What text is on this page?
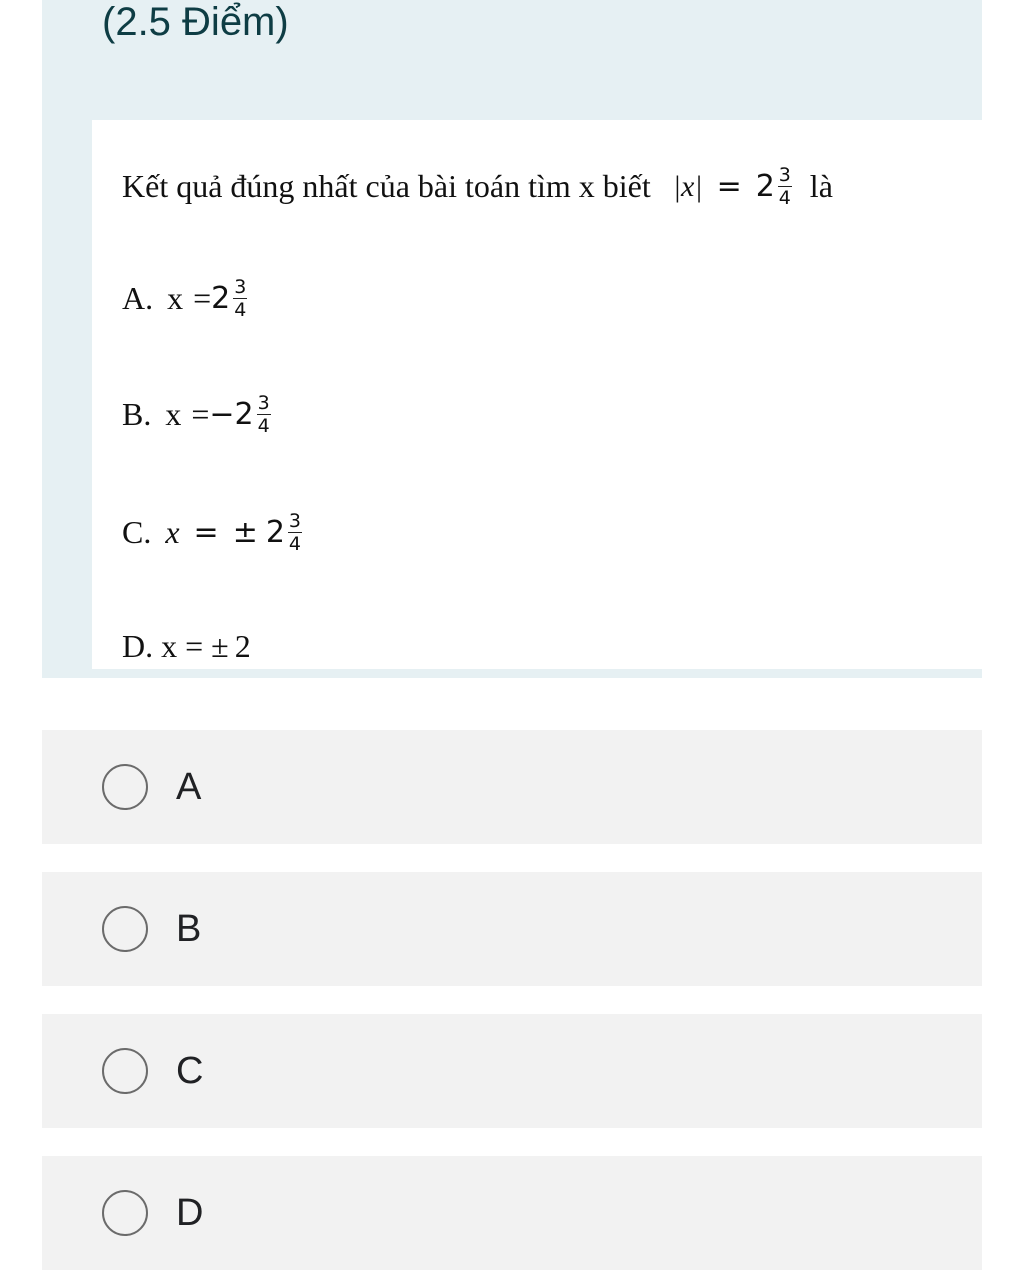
(2.5 Điểm)
Kết quả đúng nhất của bài toán tìm x biết $|x| = 2 \frac{3}{4}$ là
A. $x = 2 \frac{3}{4}$
B. x = − $2 \frac{3}{4}$
C. x = ± $2 \frac{3}{4}$
D. x = ± 2
A
B
C
D
